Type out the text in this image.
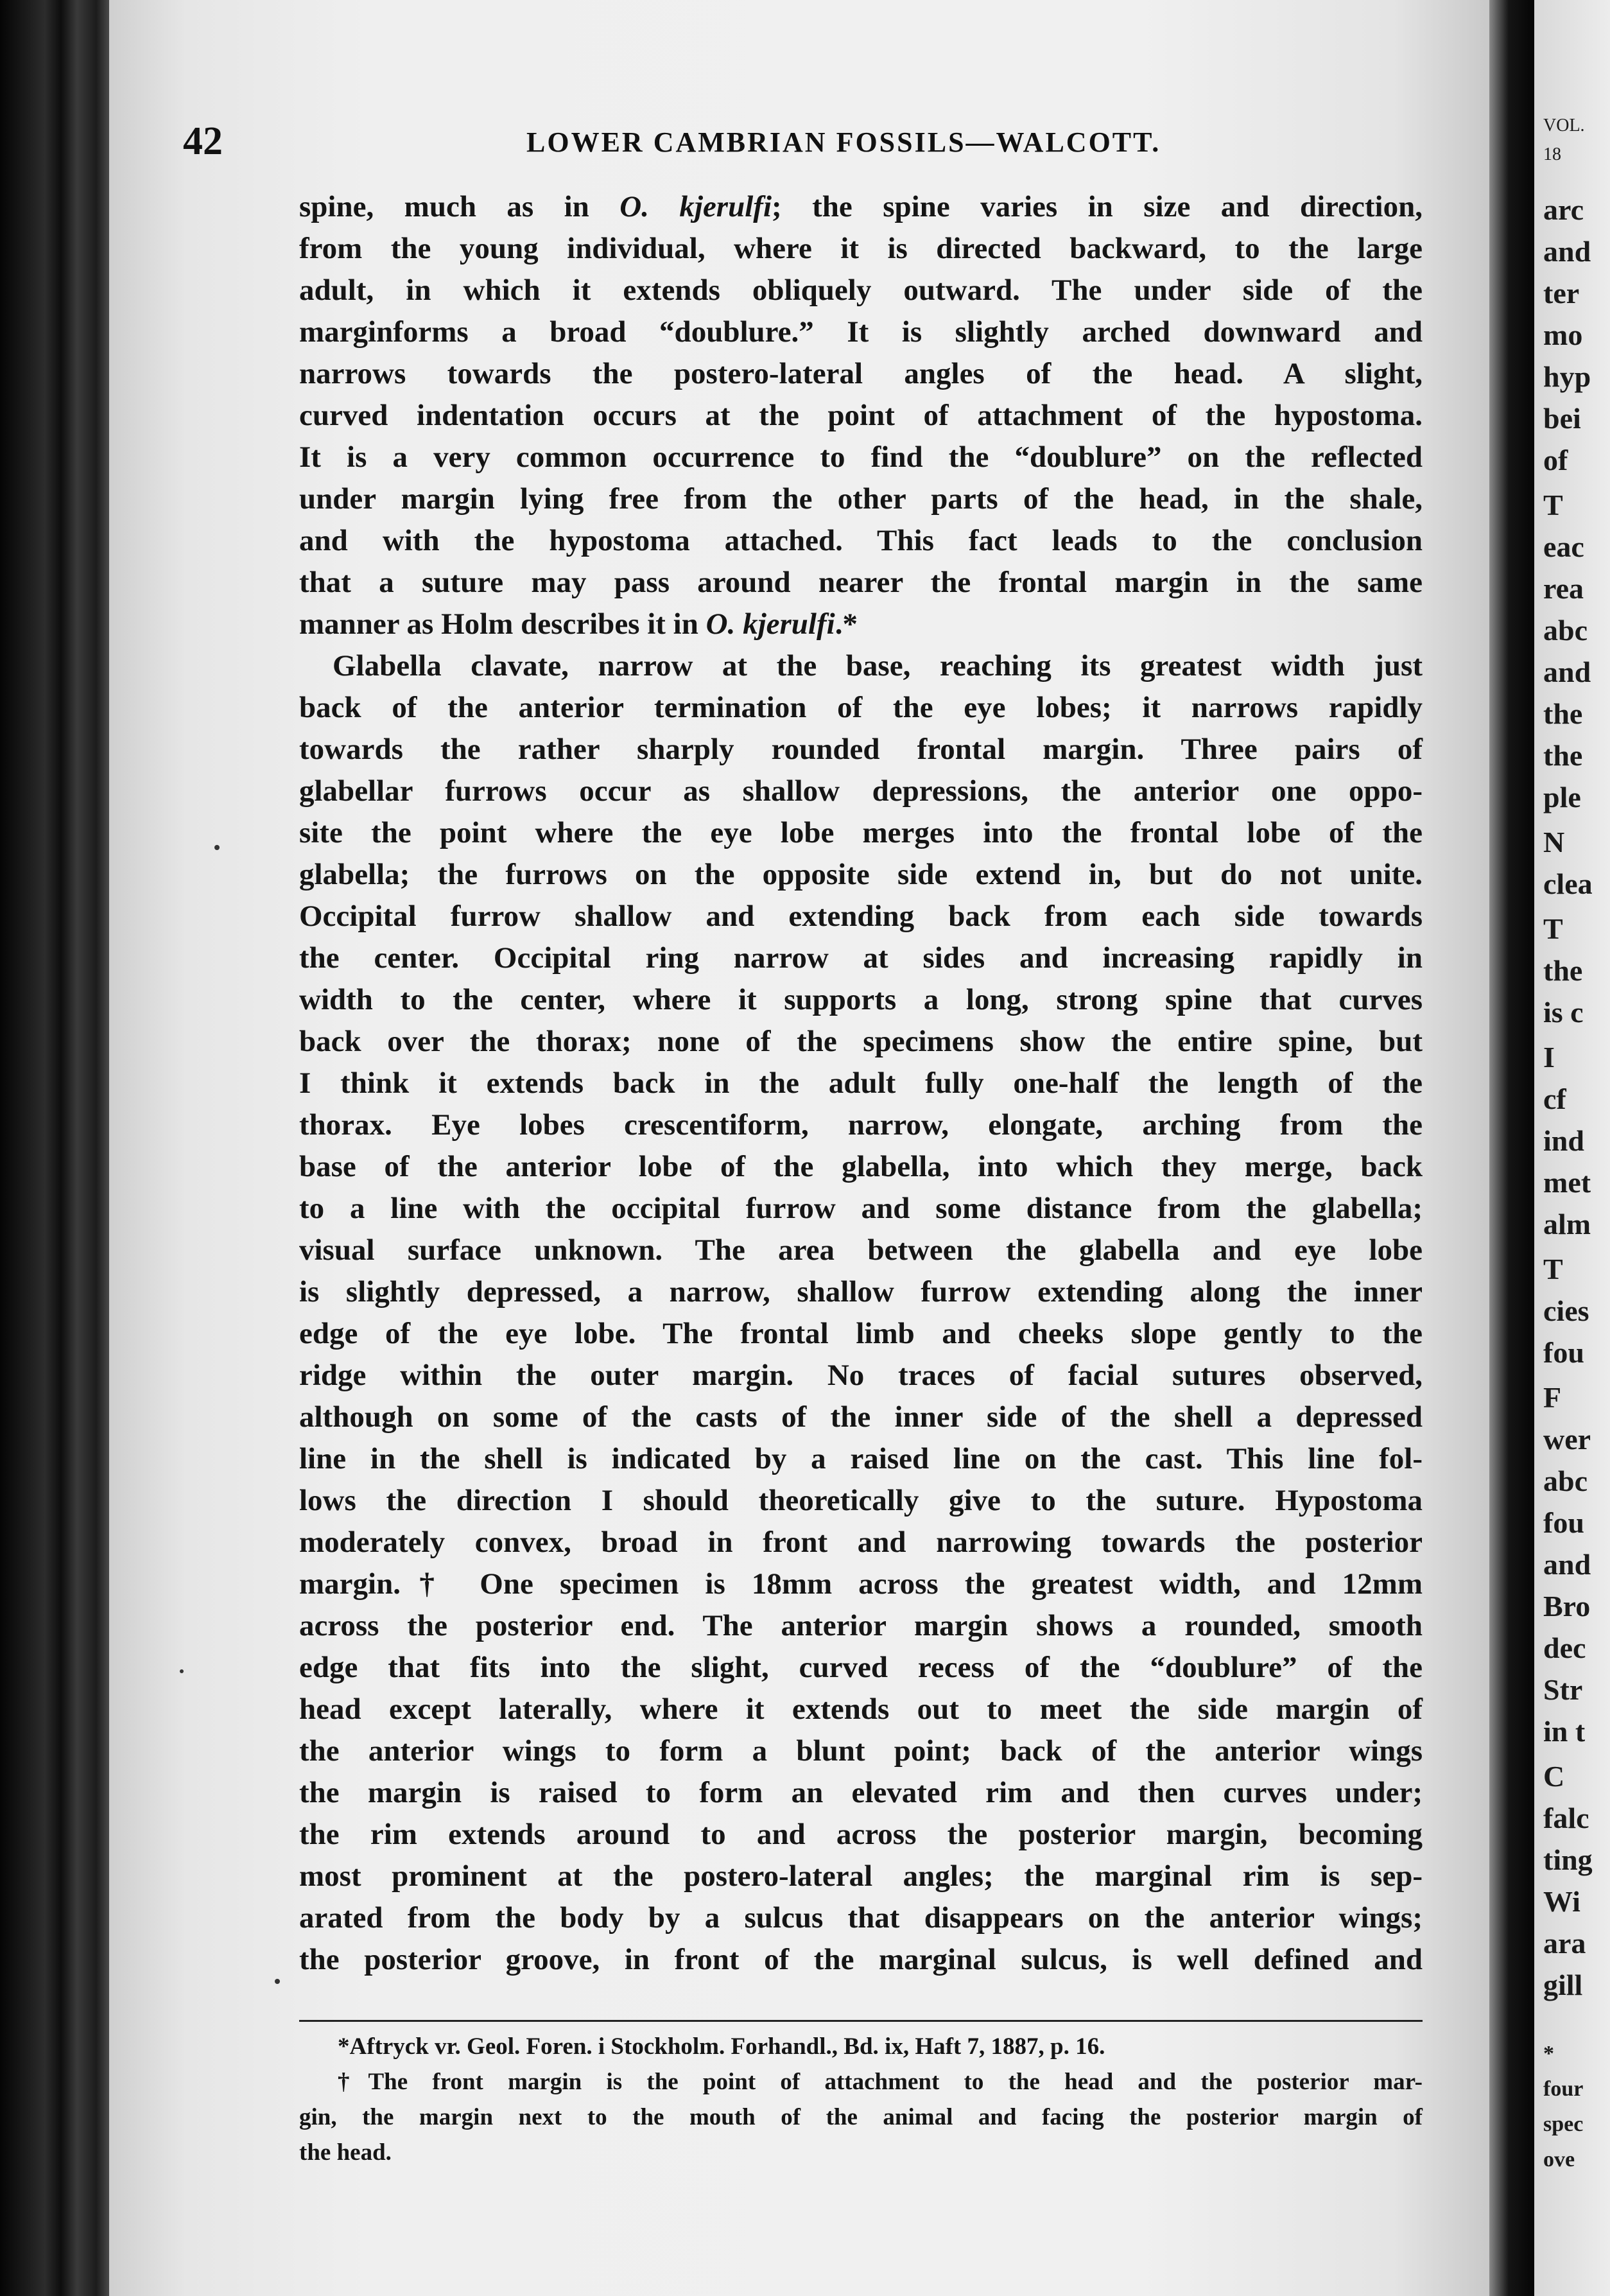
42	LOWER CAMBRIAN FOSSILS—WALCOTT.
spine, much as in O. kjerulfi; the spine varies in size and direction,
from the young individual, where it is directed backward, to the large
adult, in which it extends obliquely outward. The under side of the
marginforms a broad “doublure.” It is slightly arched downward and
narrows towards the postero-lateral angles of the head. A slight,
curved indentation occurs at the point of attachment of the hypostoma.
It is a very common occurrence to find the “doublure” on the reflected
under margin lying free from the other parts of the head, in the shale,
and with the hypostoma attached. This fact leads to the conclusion
that a suture may pass around nearer the frontal margin in the same
manner as Holm describes it in O. kjerulfi.*
Glabella clavate, narrow at the base, reaching its greatest width just
back of the anterior termination of the eye lobes; it narrows rapidly
towards the rather sharply rounded frontal margin. Three pairs of
glabellar furrows occur as shallow depressions, the anterior one oppo-
site the point where the eye lobe merges into the frontal lobe of the
glabella; the furrows on the opposite side extend in, but do not unite.
Occipital furrow shallow and extending back from each side towards
the center. Occipital ring narrow at sides and increasing rapidly in
width to the center, where it supports a long, strong spine that curves
back over the thorax; none of the specimens show the entire spine, but
I think it extends back in the adult fully one-half the length of the
thorax. Eye lobes crescentiform, narrow, elongate, arching from the
base of the anterior lobe of the glabella, into which they merge, back
to a line with the occipital furrow and some distance from the glabella;
visual surface unknown. The area between the glabella and eye lobe
is slightly depressed, a narrow, shallow furrow extending along the inner
edge of the eye lobe. The frontal limb and cheeks slope gently to the
ridge within the outer margin. No traces of facial sutures observed,
although on some of the casts of the inner side of the shell a depressed
line in the shell is indicated by a raised line on the cast. This line fol-
lows the direction I should theoretically give to the suture. Hypostoma
moderately convex, broad in front and narrowing towards the posterior
margin.† One specimen is 18mm across the greatest width, and 12mm
across the posterior end. The anterior margin shows a rounded, smooth
edge that fits into the slight, curved recess of the “doublure” of the
head except laterally, where it extends out to meet the side margin of
the anterior wings to form a blunt point; back of the anterior wings
the margin is raised to form an elevated rim and then curves under;
the rim extends around to and across the posterior margin, becoming
most prominent at the postero-lateral angles; the marginal rim is sep-
arated from the body by a sulcus that disappears on the anterior wings;
the posterior groove, in front of the marginal sulcus, is well defined and
*Aftryck vr. Geol. Foren. i Stockholm. Forhandl., Bd. ix, Haft 7, 1887, p. 16.
†The front margin is the point of attachment to the head and the posterior mar-
gin, the margin next to the mouth of the animal and facing the posterior margin of
the head.
VOL.
18
arc
and
ter
mo
hyp
bei
of
T
eac
rea
abc
and
the
the
ple
N
clea
T
the
is c
I
cf
ind
met
alm
T
cies
fou
F
wer
abc
fou
and
Bro
dec
Str
in t
C
falc
ting
Wi
ara
gill
*
four
spec
ove
